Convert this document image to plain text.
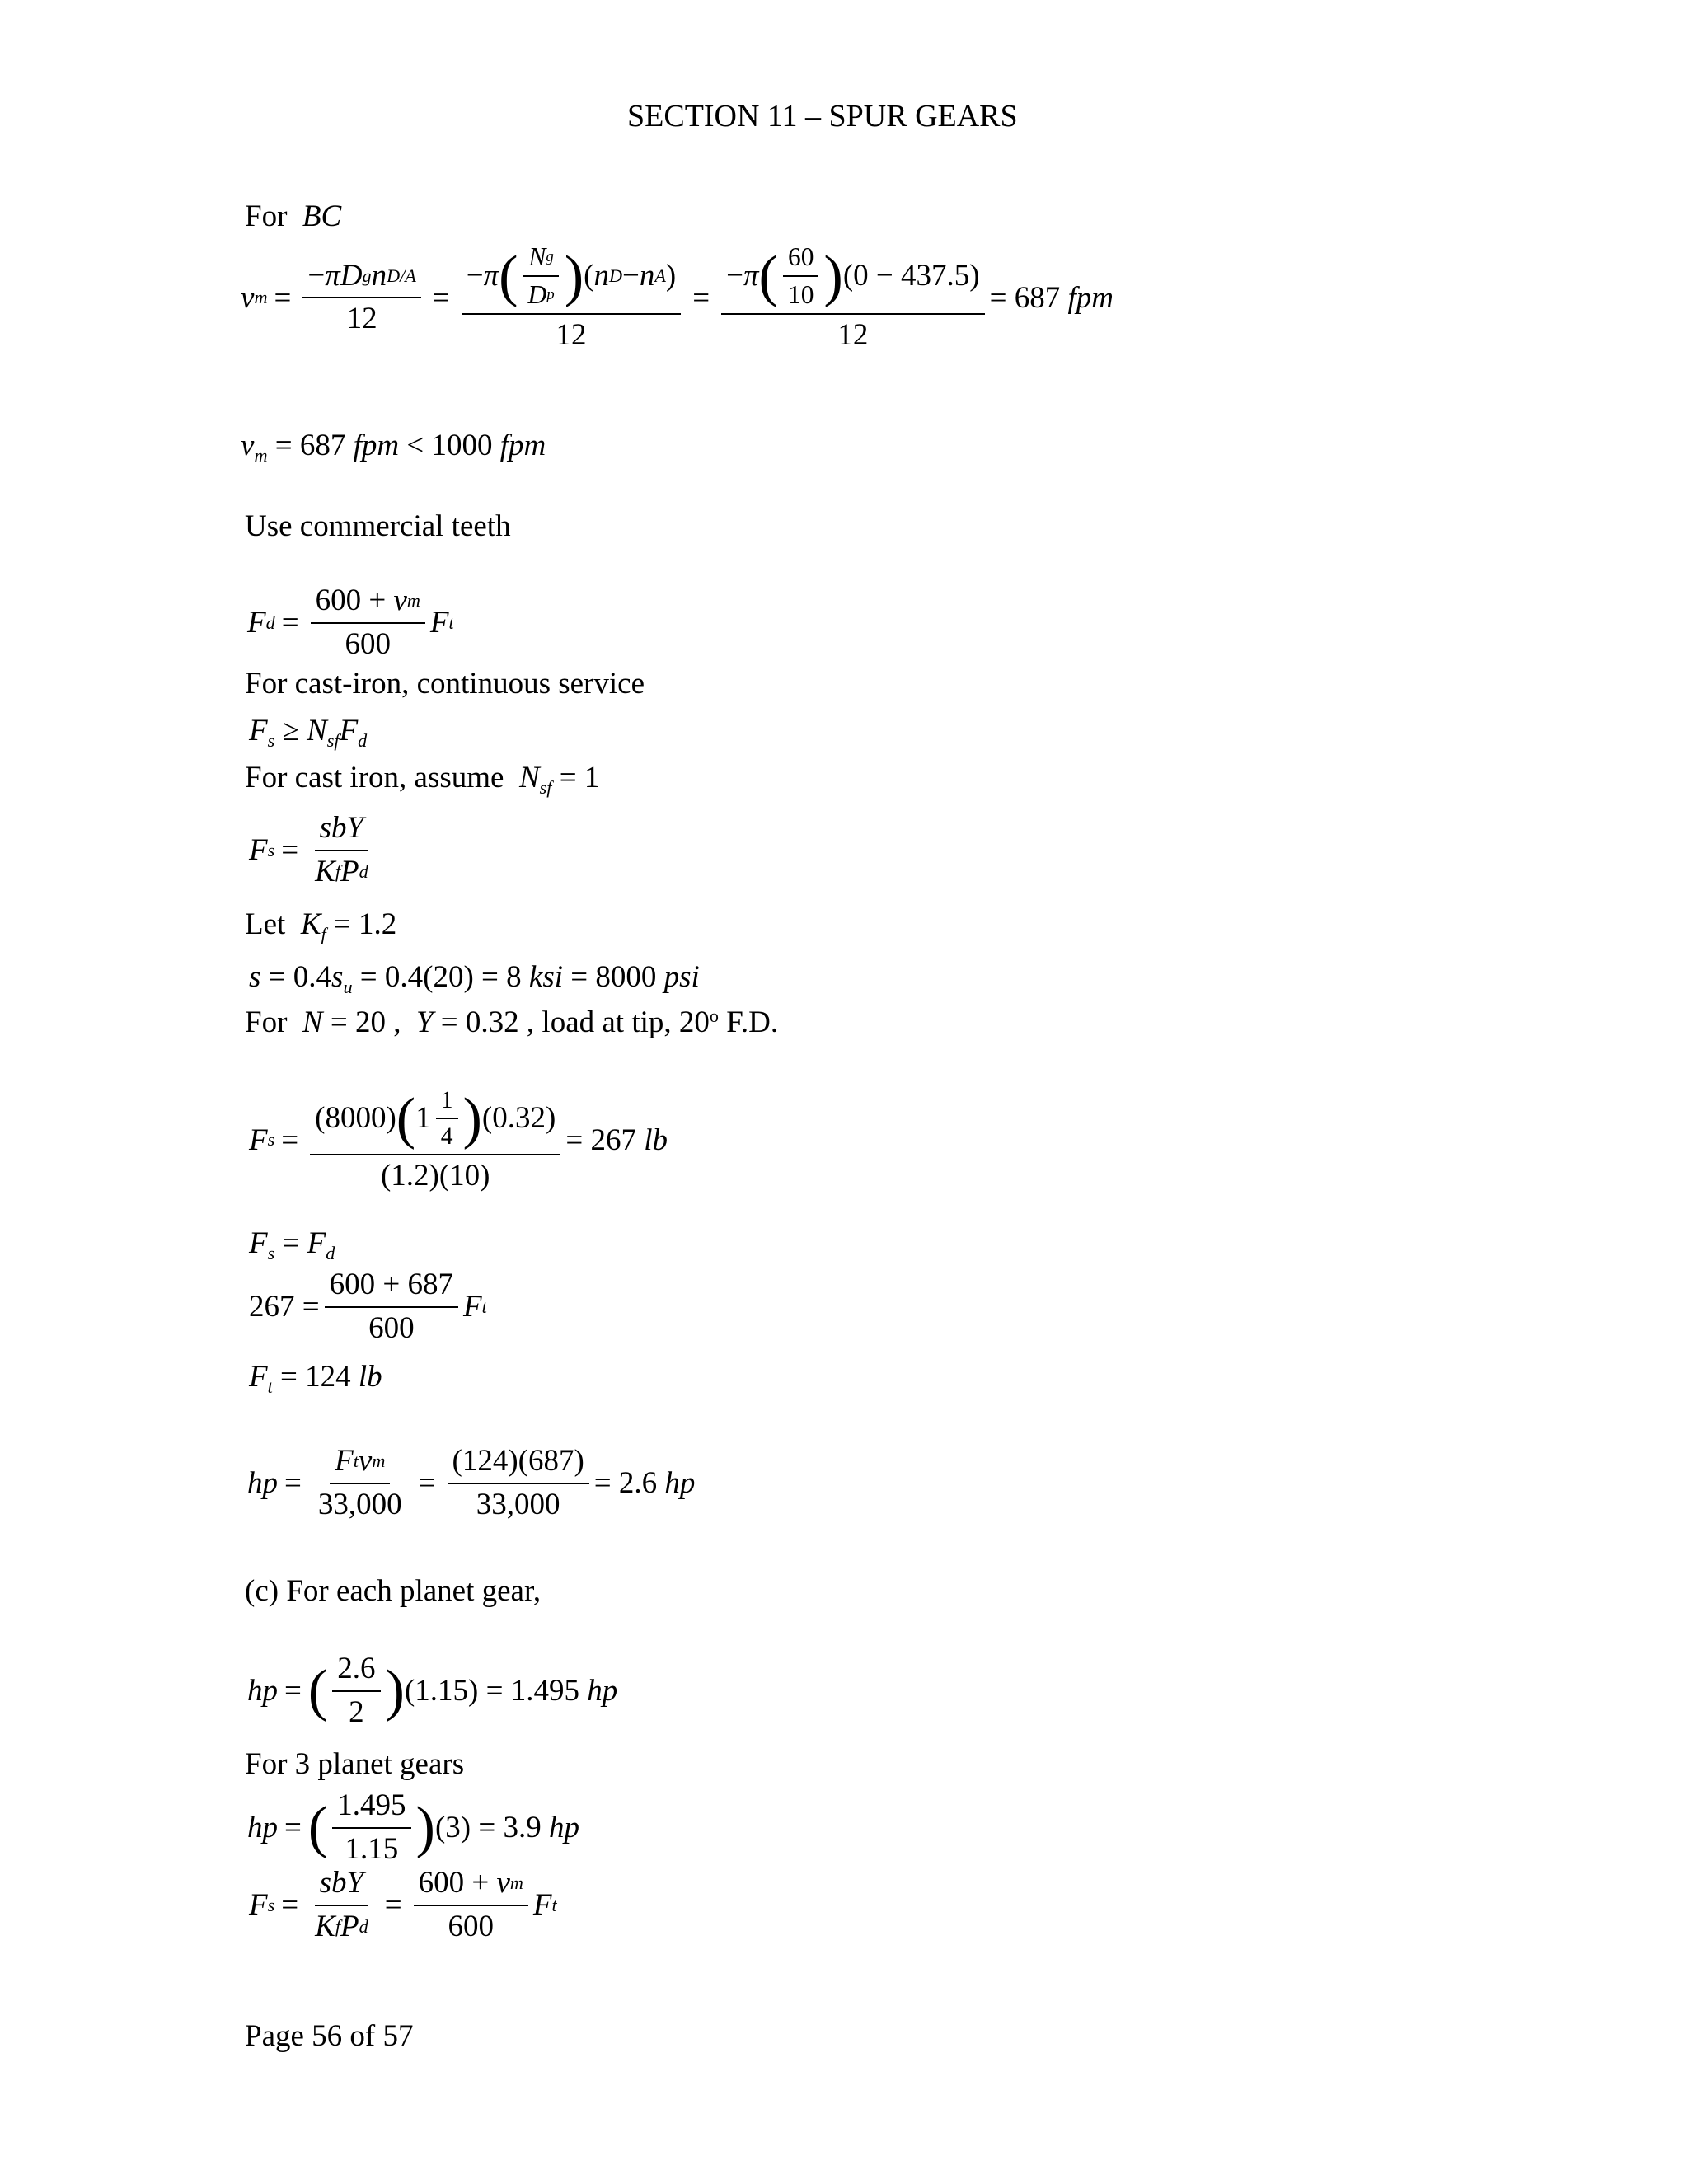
SECTION 11 – SPUR GEARS
For BC
v $m = \frac{\text{− πD g n D/A}}{12} = \frac{- \pi ( \frac{\text{N g}}{\text{D p}} ) ( n D - n A )}{12} = \frac{- \pi ( \frac{60}{10} ) (0 - 437.5)}{12} = 687$
fpm
$v_m = 687$ fpm < 1000 fpm
Use commercial teeth
F $d = \frac{\text{600 + v m}}{600}$ F t
For cast-iron, continuous service
$F_s \ge N_{sf}F_d$
For cast iron, assume $N_{sf} = 1$
F $s = \frac{\text{sbY}}{\text{K f P d}}$
Let $K_f = 1.2$
$s = 0.4s_u = 0.4(20) = 8$ ksi = 8000 psi
For N = 20 , Y = 0.32 , load at tip, 20$^o$ F.D.
F $s = \frac{(8000) ( 1 \frac{1}{4} ) (0.32)}{(1.2)(10)} = 267$
lb
$F_s = F_d$
$267 = \frac{600 + 687}{600}$ F t
$F_t = 124$ lb
hp = $\frac{\text{F t v m}}{33,000} = \frac{(124)(687)}{33,000} = 2.6$
hp
(c) For each planet gear,
hp = ( $\frac{2.6}{2}$ ) (1.15) = 1.495
hp
For 3 planet gears
hp = ( $\frac{1.495}{1.15}$ ) (3) = 3.9
hp
F $s = \frac{\text{sbY}}{\text{K f P d}} = \frac{\text{600 + v m}}{600}$ F t
Page 56 of 57
